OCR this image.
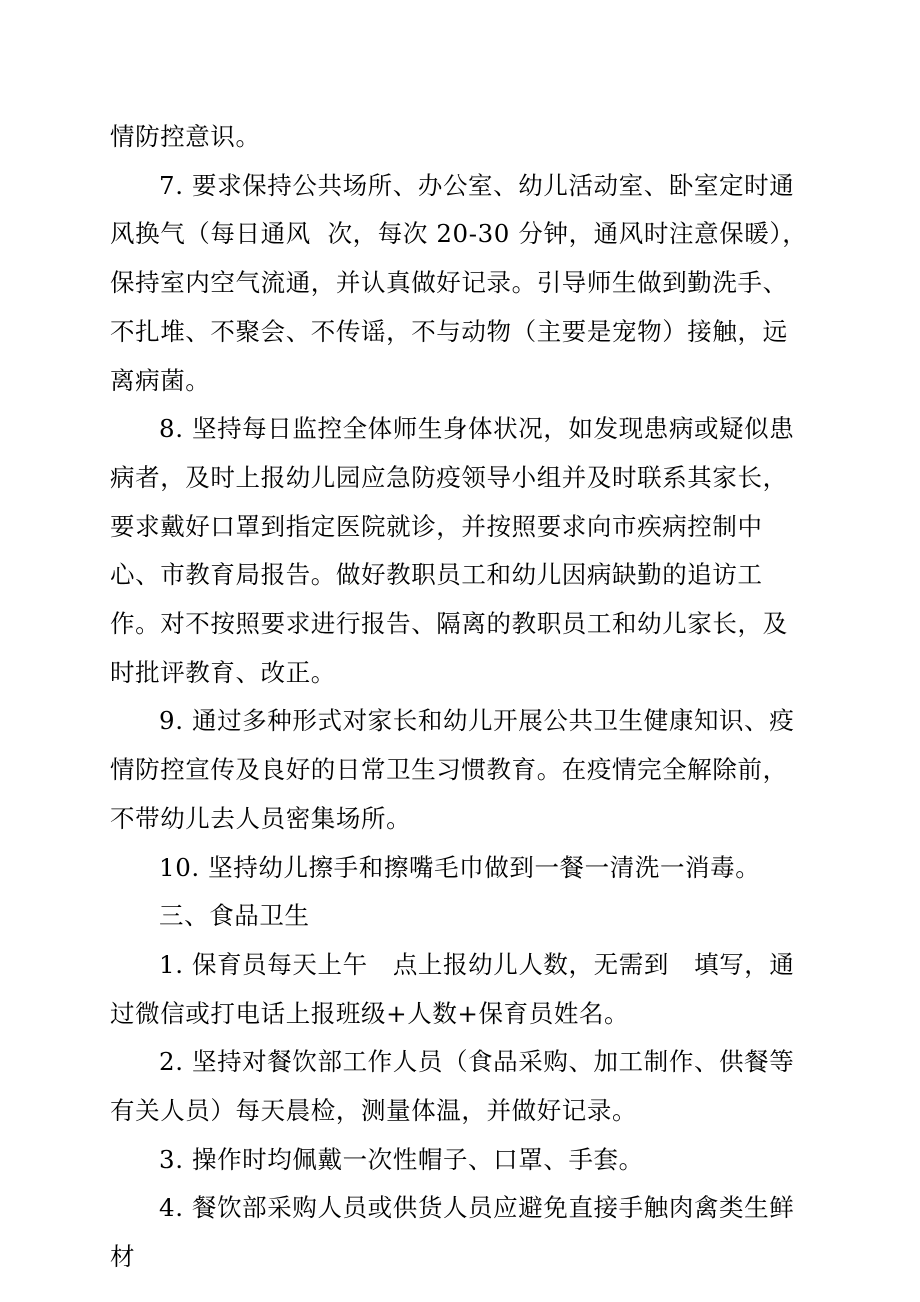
情防控意识。

7. 要求保持公共场所、办公室、幼儿活动室、卧室定时通风换气（每日通风  次，每次 20-30 分钟，通风时注意保暖），保持室内空气流通，并认真做好记录。引导师生做到勤洗手、不扎堆、不聚会、不传谣，不与动物（主要是宠物）接触，远离病菌。

8. 坚持每日监控全体师生身体状况，如发现患病或疑似患病者，及时上报幼儿园应急防疫领导小组并及时联系其家长，要求戴好口罩到指定医院就诊，并按照要求向市疾病控制中心、市教育局报告。做好教职员工和幼儿因病缺勤的追访工作。对不按照要求进行报告、隔离的教职员工和幼儿家长，及时批评教育、改正。

9. 通过多种形式对家长和幼儿开展公共卫生健康知识、疫情防控宣传及良好的日常卫生习惯教育。在疫情完全解除前，不带幼儿去人员密集场所。

10. 坚持幼儿擦手和擦嘴毛巾做到一餐一清洗一消毒。

三、食品卫生

1. 保育员每天上午   点上报幼儿人数，无需到   填写，通过微信或打电话上报班级+人数+保育员姓名。

2. 坚持对餐饮部工作人员（食品采购、加工制作、供餐等有关人员）每天晨检，测量体温，并做好记录。

3. 操作时均佩戴一次性帽子、口罩、手套。

4. 餐饮部采购人员或供货人员应避免直接手触肉禽类生鲜材
